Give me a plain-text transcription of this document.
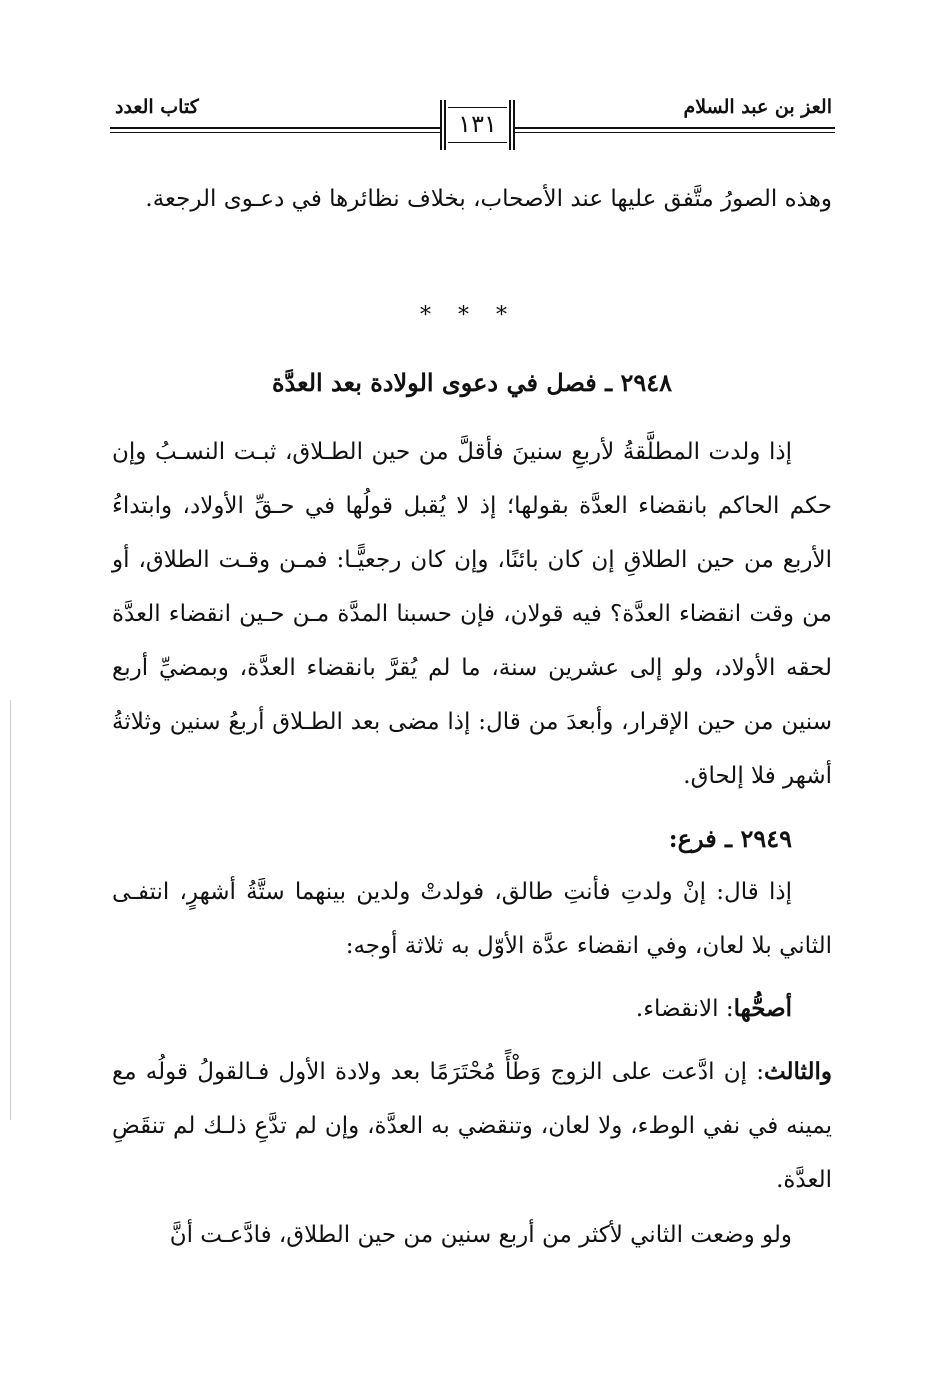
العز بن عبد السلام
كتاب العدد
١٣١

وهذه الصورُ متَّفق عليها عند الأصحاب، بخلاف نظائرها في دعـوى الرجعة.

* * *
٢٩٤٨ ـ فصل في دعوى الولادة بعد العدَّة

إذا ولدت المطلَّقةُ لأربعِ سنينَ فأقلَّ من حين الطـلاق، ثبـت النسـبُ وإن حكم الحاكم بانقضاء العدَّة بقولها؛ إذ لا يُقبل قولُها في حـقِّ الأولاد، وابتداءُ الأربع من حين الطلاقِ إن كان بائنًا، وإن كان رجعيًّـا: فمـن وقـت الطلاق، أو من وقت انقضاء العدَّة؟ فيه قولان، فإن حسبنا المدَّة مـن حـين انقضاء العدَّة لحقه الأولاد، ولو إلى عشرين سنة، ما لم يُقرَّ بانقضاء العدَّة، وبمضيِّ أربع سنين من حين الإقرار، وأبعدَ من قال: إذا مضى بعد الطـلاق أربعُ سنين وثلاثةُ أشهر فلا إلحاق.

٢٩٤٩ ـ فرع:

إذا قال: إنْ ولدتِ فأنتِ طالق، فولدتْ ولدين بينهما ستَّةُ أشهرٍ، انتفـى الثاني بلا لعان، وفي انقضاء عدَّة الأوّل به ثلاثة أوجه:

أصحُّها: الانقضاء.

والثالث: إن ادَّعت على الزوج وَطْأً مُحْتَرَمًا بعد ولادة الأول فـالقولُ قولُه مع يمينه في نفي الوطء، ولا لعان، وتنقضي به العدَّة، وإن لم تدَّعِ ذلـك لم تنقَضِ العدَّة.

ولو وضعت الثاني لأكثر من أربع سنين من حين الطلاق، فادَّعـت أنَّ
